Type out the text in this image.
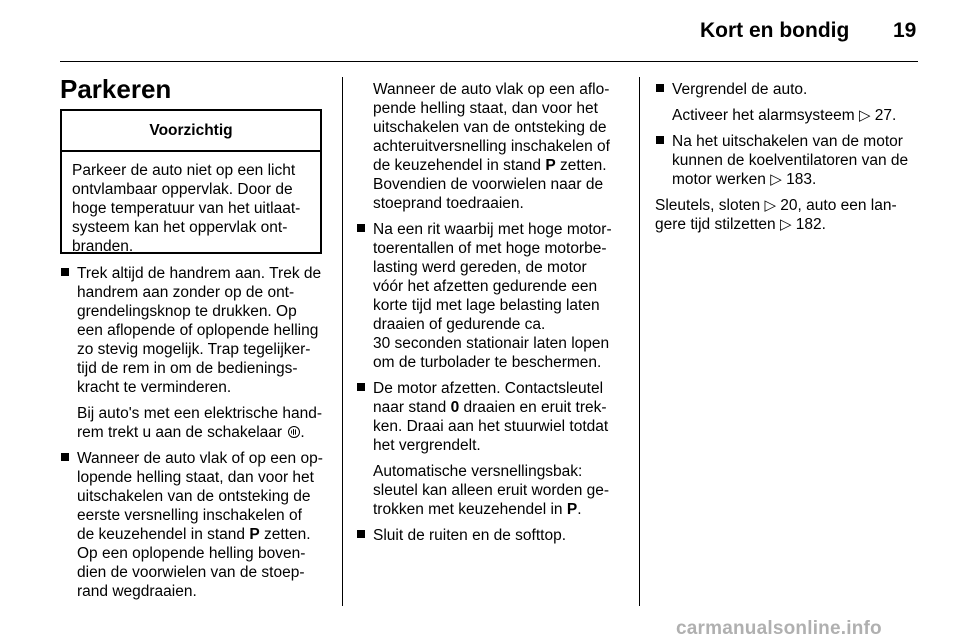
Kort en bondig 19
Parkeren
Voorzichtig
Parkeer de auto niet op een licht
ontvlambaar oppervlak. Door de
hoge temperatuur van het uitlaat-
systeem kan het oppervlak ont-
branden.
Trek altijd de handrem aan. Trek de
handrem aan zonder op de ont-
grendelingsknop te drukken. Op
een aflopende of oplopende helling
zo stevig mogelijk. Trap tegelijker-
tijd de rem in om de bedienings-
kracht te verminderen.
Bij auto's met een elektrische hand-
rem trekt u aan de schakelaar .
Wanneer de auto vlak of op een op-
lopende helling staat, dan voor het
uitschakelen van de ontsteking de
eerste versnelling inschakelen of
de keuzehendel in stand P zetten.
Op een oplopende helling boven-
dien de voorwielen van de stoep-
rand wegdraaien.
Wanneer de auto vlak op een aflo-
pende helling staat, dan voor het
uitschakelen van de ontsteking de
achteruitversnelling inschakelen of
de keuzehendel in stand P zetten.
Bovendien de voorwielen naar de
stoeprand toedraaien.
Na een rit waarbij met hoge motor-
toerentallen of met hoge motorbe-
lasting werd gereden, de motor
vóór het afzetten gedurende een
korte tijd met lage belasting laten
draaien of gedurende ca.
30 seconden stationair laten lopen
om de turbolader te beschermen.
De motor afzetten. Contactsleutel
naar stand 0 draaien en eruit trek-
ken. Draai aan het stuurwiel totdat
het vergrendelt.
Automatische versnellingsbak:
sleutel kan alleen eruit worden ge-
trokken met keuzehendel in P.
Sluit de ruiten en de softtop.
Vergrendel de auto.
Activeer het alarmsysteem ▷ 27.
Na het uitschakelen van de motor
kunnen de koelventilatoren van de
motor werken ▷ 183.
Sleutels, sloten ▷ 20, auto een lan-
gere tijd stilzetten ▷ 182.
carmanualsonline.info
